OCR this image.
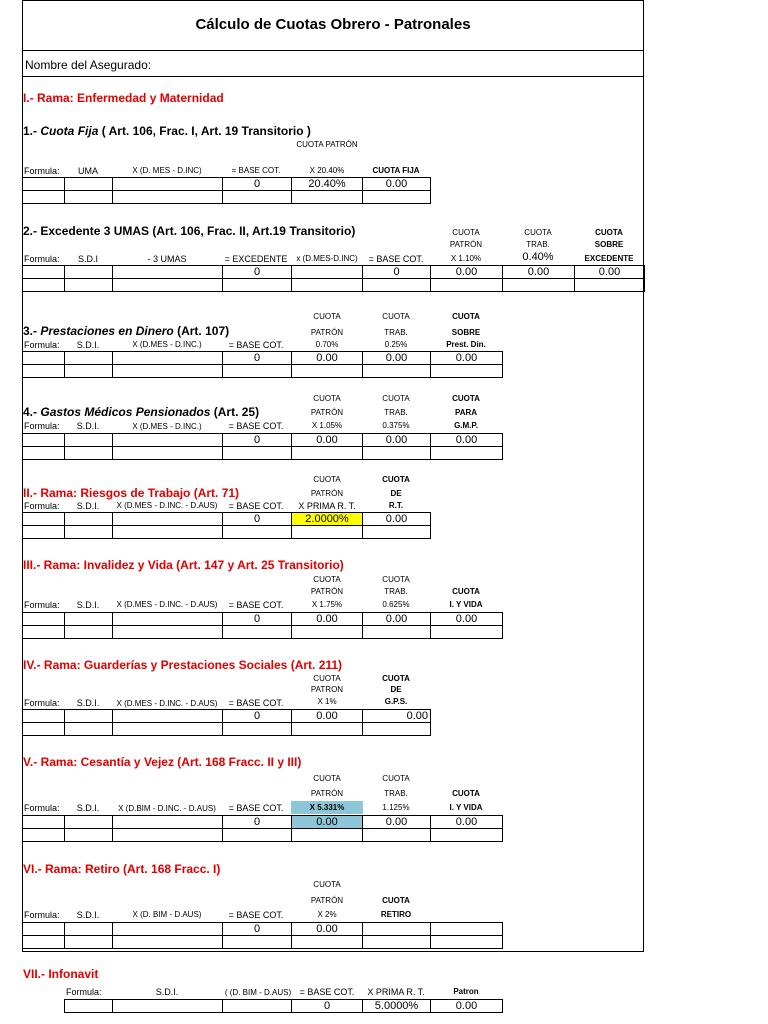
Cálculo de Cuotas Obrero - Patronales
Nombre del Asegurado:
I.- Rama: Enfermedad y Maternidad
1.- Cuota Fija ( Art. 106, Frac. I, Art. 19 Transitorio )
CUOTA PATRÓN
Formula:	UMA	X (D. MES - D.INC)	= BASE COT.	X 20.40%	CUOTA FIJA
			0	20.40%	0.00

2.- Excedente 3 UMAS (Art. 106, Frac. II, Art.19 Transitorio)	CUOTA
PATRÓN
CUOTA
TRAB.
CUOTA
SOBRE
Formula:	S.D.I	- 3 UMAS	= EXCEDENTE	x (D.MES-D.INC)	= BASE COT.	X 1.10%	0.40%	EXCEDENTE
			0		0	0.00	0.00	0.00

CUOTA	CUOTA	CUOTA
3.- Prestaciones en Dinero (Art. 107)	PATRÓN	TRAB.	SOBRE
Formula:	S.D.I.	X (D.MES - D.INC.)	= BASE COT.	0.70%	0.25%	Prest. Din.
			0	0.00	0.00	0.00

CUOTA	CUOTA	CUOTA
4.- Gastos Médicos Pensionados (Art. 25)	PATRÓN	TRAB.	PARA
Formula:	S.D.I.	X (D.MES - D.INC.)	= BASE COT.	X 1.05%	0.375%	G.M.P.
			0	0.00	0.00	0.00

CUOTA	CUOTA
II.- Rama: Riesgos de Trabajo (Art. 71)	PATRÓN	DE
Formula:	S.D.I.	X (D.MES - D.INC. - D.AUS)	= BASE COT.	X PRIMA R. T.	R.T.
			0	2.0000%	0.00

III.- Rama: Invalidez y Vida (Art. 147 y Art. 25 Transitorio)
CUOTA	CUOTA
PATRÓN	TRAB.	CUOTA
Formula:	S.D.I.	X (D.MES - D.INC. - D.AUS)	= BASE COT.	X 1.75%	0.625%	I. Y VIDA
			0	0.00	0.00	0.00

IV.- Rama: Guarderías y Prestaciones Sociales (Art. 211)
CUOTA	CUOTA
PATRON	DE
Formula:	S.D.I.	X (D.MES - D.INC. - D.AUS)	= BASE COT.	X 1%	G.P.S.
			0	0.00	0.00

V.- Rama: Cesantía y Vejez (Art. 168 Fracc. II y III)
CUOTA	CUOTA
PATRÓN	TRAB.	CUOTA
Formula:	S.D.I.	X (D.BIM - D.INC. - D.AUS)	= BASE COT.	X 5.331%	1.125%	I. Y VIDA
			0	0.00	0.00	0.00

VI.- Rama: Retiro (Art. 168 Fracc. I)
CUOTA
PATRÓN	CUOTA
Formula:	S.D.I.	X (D. BIM - D.AUS)	= BASE COT.	X 2%	RETIRO
			0	0.00		

VII.- Infonavit
Formula:	S.D.I.	( (D. BIM - D.AUS) = BASE COT.	X PRIMA R. T.	Patron
			0	5.0000%	0.00
